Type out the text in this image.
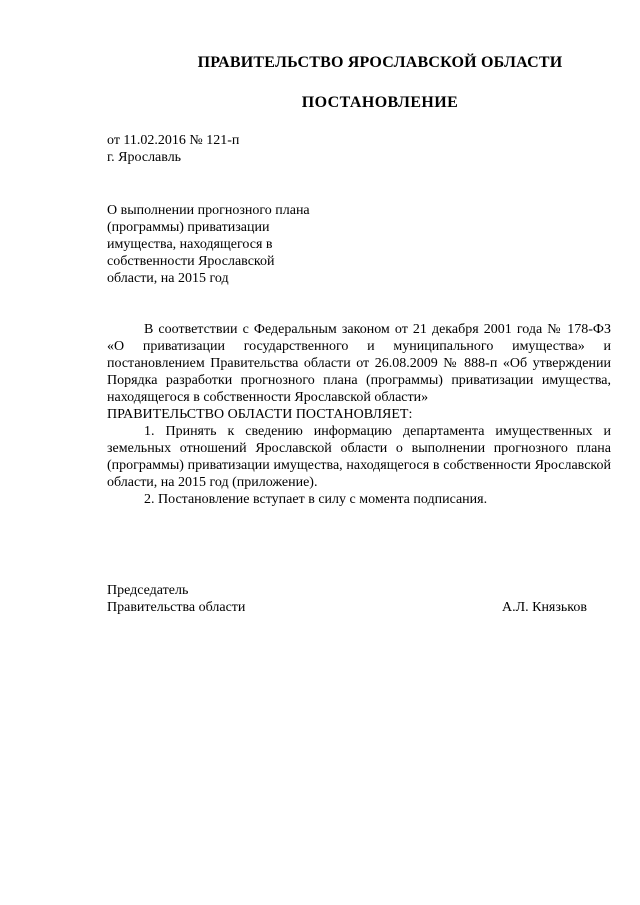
ПРАВИТЕЛЬСТВО ЯРОСЛАВСКОЙ ОБЛАСТИ
ПОСТАНОВЛЕНИЕ
от 11.02.2016 № 121-п
г. Ярославль
О выполнении прогнозного плана
(программы) приватизации
имущества, находящегося в
собственности Ярославской
области, на 2015 год

В соответствии с Федеральным законом от 21 декабря 2001 года № 178-ФЗ «О приватизации государственного и муниципального имущества» и постановлением Правительства области от 26.08.2009 № 888-п «Об утверждении Порядка разработки прогнозного плана (программы) приватизации имущества, находящегося в собственности Ярославской области»

ПРАВИТЕЛЬСТВО ОБЛАСТИ ПОСТАНОВЛЯЕТ:

1. Принять к сведению информацию департамента имущественных и земельных отношений Ярославской области о выполнении прогнозного плана (программы) приватизации имущества, находящегося в собственности Ярославской области, на 2015 год (приложение).

2. Постановление вступает в силу с момента подписания.

Председатель
Правительства области	А.Л. Князьков
